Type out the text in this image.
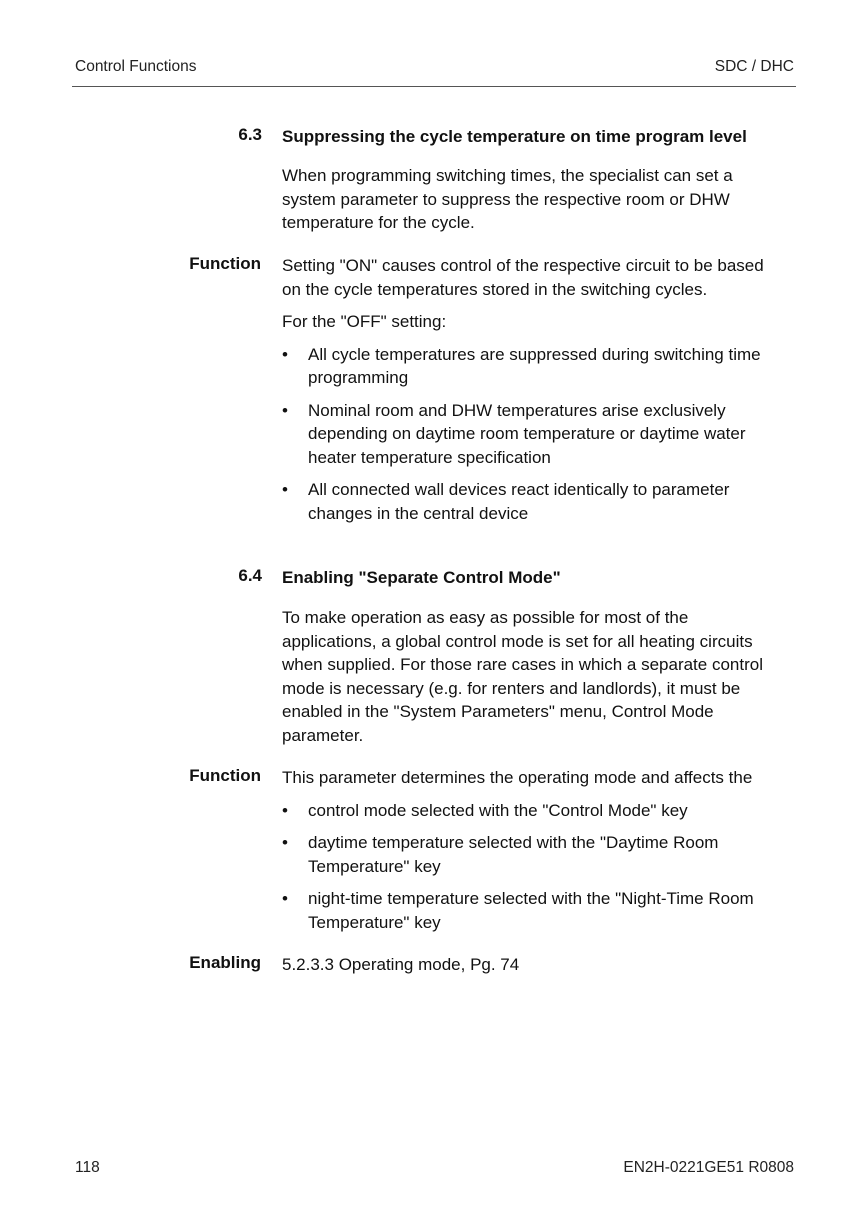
Control Functions	SDC / DHC
6.3 Suppressing the cycle temperature on time program level

When programming switching times, the specialist can set a system parameter to suppress the respective room or DHW temperature for the cycle.

Function Setting "ON" causes control of the respective circuit to be based on the cycle temperatures stored in the switching cycles.

For the "OFF" setting:

• All cycle temperatures are suppressed during switching time programming
• Nominal room and DHW temperatures arise exclusively depending on daytime room temperature or daytime water heater temperature specification
• All connected wall devices react identically to parameter changes in the central device
6.4 Enabling "Separate Control Mode"

To make operation as easy as possible for most of the applications, a global control mode is set for all heating circuits when supplied. For those rare cases in which a separate control mode is necessary (e.g. for renters and landlords), it must be enabled in the "System Parameters" menu, Control Mode parameter.

Function This parameter determines the operating mode and affects the

• control mode selected with the "Control Mode" key
• daytime temperature selected with the "Daytime Room Temperature" key
• night-time temperature selected with the "Night-Time Room Temperature" key
Enabling 5.2.3.3 Operating mode, Pg. 74
118	EN2H-0221GE51 R0808
